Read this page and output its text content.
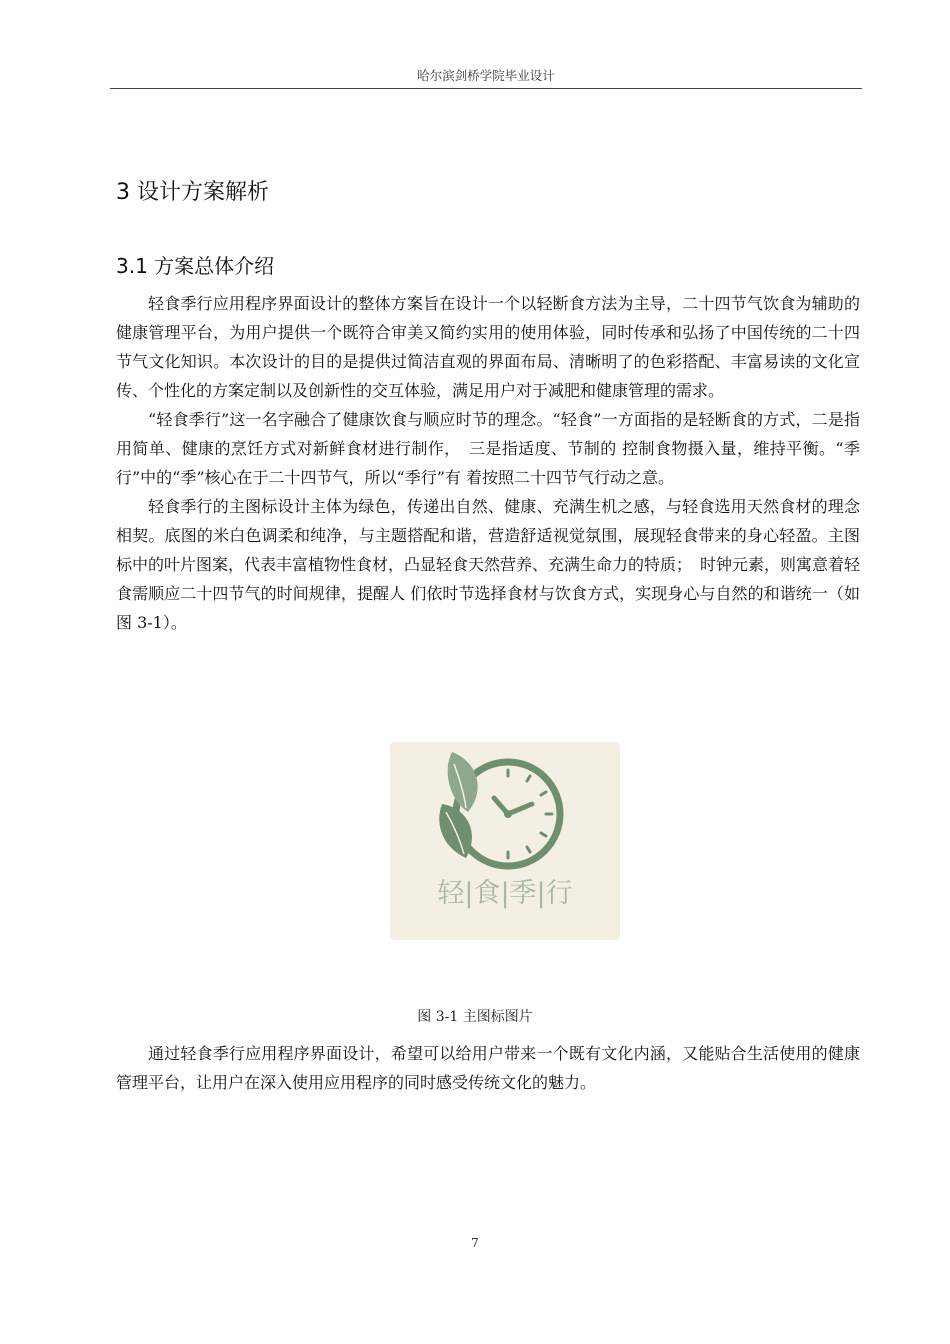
哈尔滨剑桥学院毕业设计
3 设计方案解析
3.1 方案总体介绍

轻食季行应用程序界面设计的整体方案旨在设计一个以轻断食方法为主导，二十四节气饮食为辅助的健康管理平台，为用户提供一个既符合审美又简约实用的使用体验，同时传承和弘扬了中国传统的二十四节气文化知识。本次设计的目的是提供过简洁直观的界面布局、清晰明了的色彩搭配、丰富易读的文化宣传、个性化的方案定制以及创新性的交互体验，满足用户对于减肥和健康管理的需求。

“轻食季行”这一名字融合了健康饮食与顺应时节的理念。“轻食”一方面指的是轻断食的方式，二是指用简单、健康的烹饪方式对新鲜食材进行制作，　三是指适度、节制的 控制食物摄入量，维持平衡。“季行”中的“季”核心在于二十四节气，所以“季行”有 着按照二十四节气行动之意。

轻食季行的主图标设计主体为绿色，传递出自然、健康、充满生机之感，与轻食选用天然食材的理念相契。底图的米白色调柔和纯净，与主题搭配和谐，营造舒适视觉氛围，展现轻食带来的身心轻盈。主图标中的叶片图案，代表丰富植物性食材，凸显轻食天然营养、充满生命力的特质；　时钟元素，则寓意着轻食需顺应二十四节气的时间规律，提醒人 们依时节选择食材与饮食方式，实现身心与自然的和谐统一（如图 3-1）。

轻|食|季|行
图 3-1 主图标图片

通过轻食季行应用程序界面设计，希望可以给用户带来一个既有文化内涵，又能贴合生活使用的健康管理平台，让用户在深入使用应用程序的同时感受传统文化的魅力。

7
